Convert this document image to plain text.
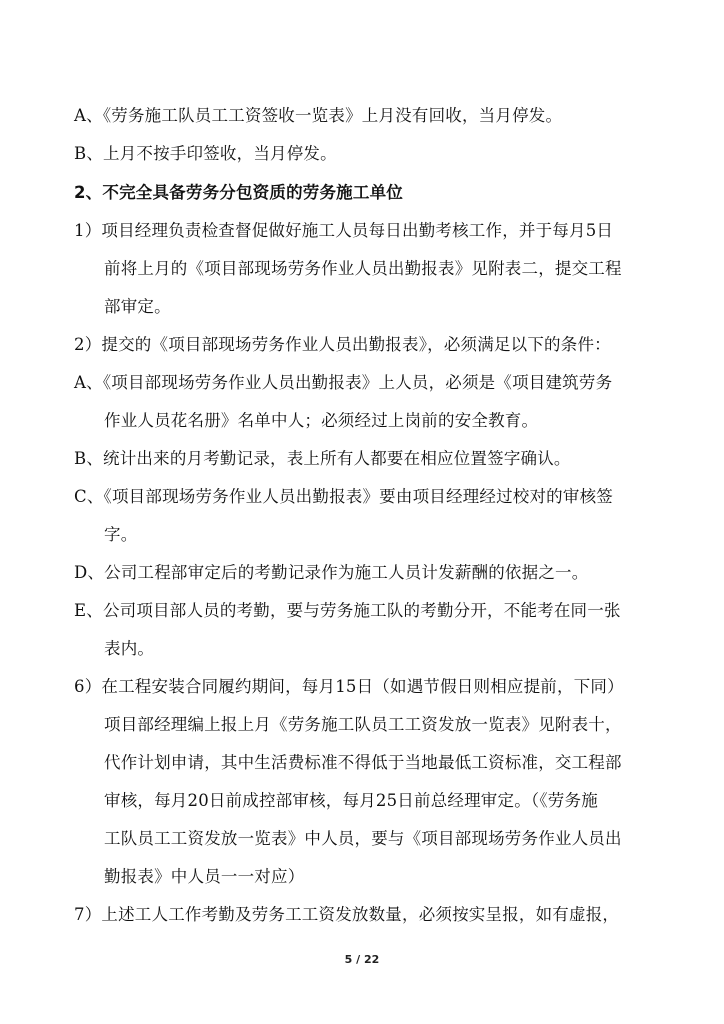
A、《劳务施工队员工工资签收一览表》上月没有回收，当月停发。
B、上月不按手印签收，当月停发。
2、不完全具备劳务分包资质的劳务施工单位
1）项目经理负责检查督促做好施工人员每日出勤考核工作，并于每月5日
前将上月的《项目部现场劳务作业人员出勤报表》见附表二，提交工程
部审定。
2）提交的《项目部现场劳务作业人员出勤报表》，必须满足以下的条件：
A、《项目部现场劳务作业人员出勤报表》上人员，必须是《项目建筑劳务
作业人员花名册》名单中人；必须经过上岗前的安全教育。
B、统计出来的月考勤记录，表上所有人都要在相应位置签字确认。
C、《项目部现场劳务作业人员出勤报表》要由项目经理经过校对的审核签
字。
D、公司工程部审定后的考勤记录作为施工人员计发薪酬的依据之一。
E、公司项目部人员的考勤，要与劳务施工队的考勤分开，不能考在同一张
表内。
6）在工程安装合同履约期间，每月15日（如遇节假日则相应提前，下同）
项目部经理编上报上月《劳务施工队员工工资发放一览表》见附表十，
代作计划申请，其中生活费标准不得低于当地最低工资标准，交工程部
审核，每月20日前成控部审核，每月25日前总经理审定。（《劳务施
工队员工工资发放一览表》中人员，要与《项目部现场劳务作业人员出
勤报表》中人员一一对应）
7）上述工人工作考勤及劳务工工资发放数量，必须按实呈报，如有虚报，
5 / 22
